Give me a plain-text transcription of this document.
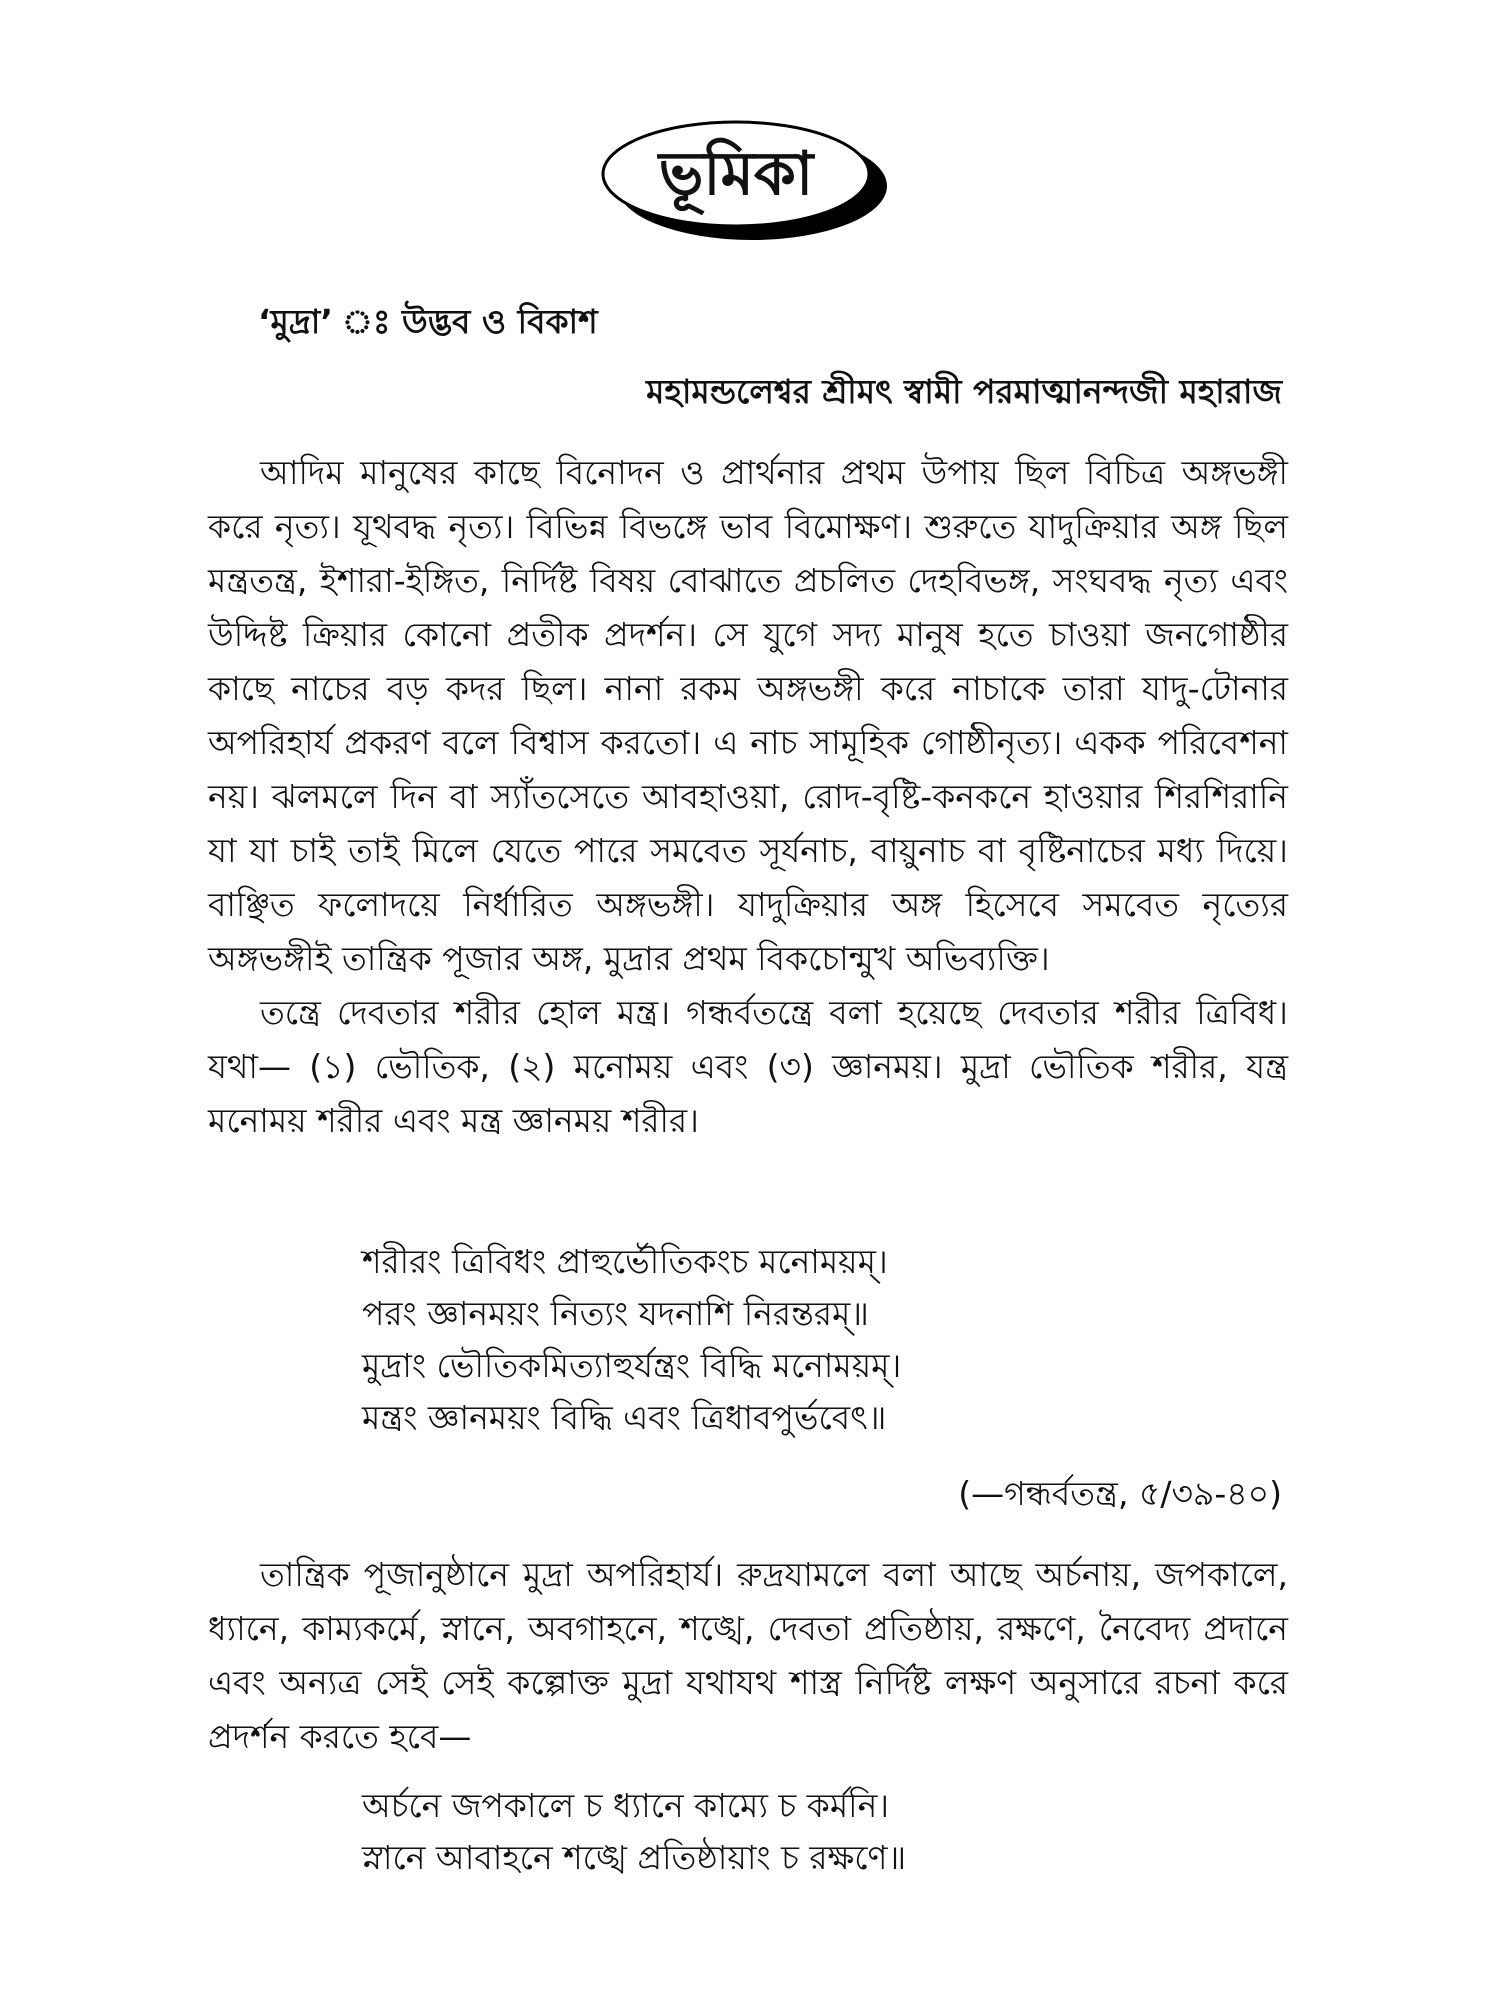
ভূমিকা
‘মুদ্রা’ ঃ উদ্ভব ও বিকাশ
মহামন্ডলেশ্বর শ্রীমৎ স্বামী পরমাত্মানন্দজী মহারাজ

আদিম মানুষের কাছে বিনোদন ও প্রার্থনার প্রথম উপায় ছিল বিচিত্র অঙ্গভঙ্গী করে নৃত্য। যূথবদ্ধ নৃত্য। বিভিন্ন বিভঙ্গে ভাব বিমোক্ষণ। শুরুতে যাদুক্রিয়ার অঙ্গ ছিল মন্ত্রতন্ত্র, ইশারা-ইঙ্গিত, নির্দিষ্ট বিষয় বোঝাতে প্রচলিত দেহবিভঙ্গ, সংঘবদ্ধ নৃত্য এবং উদ্দিষ্ট ক্রিয়ার কোনো প্রতীক প্রদর্শন। সে যুগে সদ্য মানুষ হতে চাওয়া জনগোষ্ঠীর কাছে নাচের বড় কদর ছিল। নানা রকম অঙ্গভঙ্গী করে নাচাকে তারা যাদু-টোনার অপরিহার্য প্রকরণ বলে বিশ্বাস করতো। এ নাচ সামূহিক গোষ্ঠীনৃত্য। একক পরিবেশনা নয়। ঝলমলে দিন বা স্যাঁতসেতে আবহাওয়া, রোদ-বৃষ্টি-কনকনে হাওয়ার শিরশিরানি যা যা চাই তাই মিলে যেতে পারে সমবেত সূর্যনাচ, বায়ুনাচ বা বৃষ্টিনাচের মধ্য দিয়ে। বাঞ্ছিত ফলোদয়ে নির্ধারিত অঙ্গভঙ্গী। যাদুক্রিয়ার অঙ্গ হিসেবে সমবেত নৃত্যের অঙ্গভঙ্গীই তান্ত্রিক পূজার অঙ্গ, মুদ্রার প্রথম বিকচোন্মুখ অভিব্যক্তি।

তন্ত্রে দেবতার শরীর হোল মন্ত্র। গন্ধর্বতন্ত্রে বলা হয়েছে দেবতার শরীর ত্রিবিধ। যথা— (১) ভৌতিক, (২) মনোময় এবং (৩) জ্ঞানময়। মুদ্রা ভৌতিক শরীর, যন্ত্র মনোময় শরীর এবং মন্ত্র জ্ঞানময় শরীর।

শরীরং ত্রিবিধং প্রাহুর্ভৌতিকংচ মনোময়ম্।
পরং জ্ঞানময়ং নিত্যং যদনাশি নিরন্তরম্॥
মুদ্রাং ভৌতিকমিত্যাহুর্যন্ত্রং বিদ্ধি মনোময়ম্।
মন্ত্রং জ্ঞানময়ং বিদ্ধি এবং ত্রিধাবপুর্ভবেৎ॥
(—গন্ধর্বতন্ত্র, ৫/৩৯-৪০)

তান্ত্রিক পূজানুষ্ঠানে মুদ্রা অপরিহার্য। রুদ্রযামলে বলা আছে অর্চনায়, জপকালে, ধ্যানে, কাম্যকর্মে, স্নানে, অবগাহনে, শঙ্খে, দেবতা প্রতিষ্ঠায়, রক্ষণে, নৈবেদ্য প্রদানে এবং অন্যত্র সেই সেই কল্পোক্ত মুদ্রা যথাযথ শাস্ত্র নির্দিষ্ট লক্ষণ অনুসারে রচনা করে প্রদর্শন করতে হবে—

অর্চনে জপকালে চ ধ্যানে কাম্যে চ কর্মনি।
স্নানে আবাহনে শঙ্খে প্রতিষ্ঠায়াং চ রক্ষণে॥
